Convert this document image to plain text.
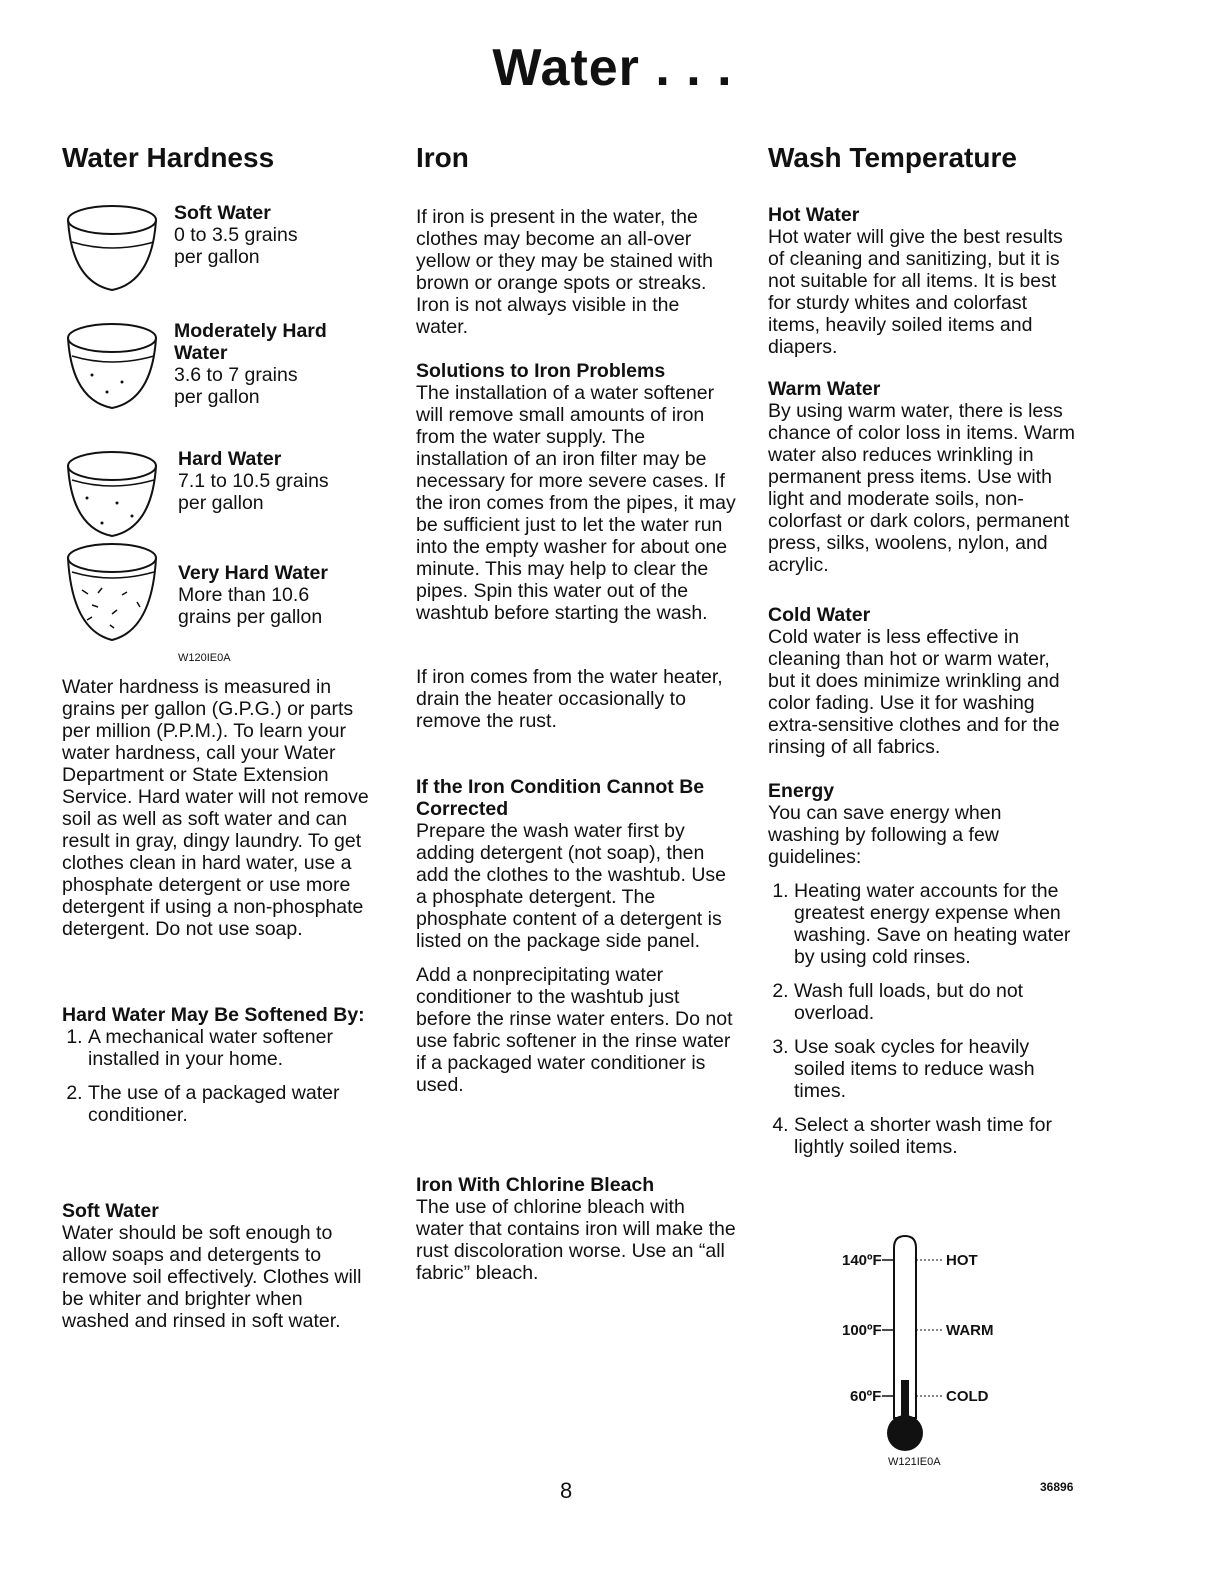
Water . . .
Water Hardness
Soft Water
0 to 3.5 grains
per gallon
Moderately Hard
Water
3.6 to 7 grains
per gallon
Hard Water
7.1 to 10.5 grains
per gallon
Very Hard Water
More than 10.6
grains per gallon
W120IE0A

Water hardness is measured in grains per gallon (G.P.G.) or parts per million (P.P.M.). To learn your water hardness, call your Water Department or State Extension Service. Hard water will not remove soil as well as soft water and can result in gray, dingy laundry. To get clothes clean in hard water, use a phosphate detergent or use more detergent if using a non-phosphate detergent. Do not use soap.

Hard Water May Be Softened By:
1. A mechanical water softener installed in your home.
2. The use of a packaged water conditioner.
Soft Water

Water should be soft enough to allow soaps and detergents to remove soil effectively. Clothes will be whiter and brighter when washed and rinsed in soft water.

Iron

If iron is present in the water, the clothes may become an all-over yellow or they may be stained with brown or orange spots or streaks. Iron is not always visible in the water.

Solutions to Iron Problems

The installation of a water softener will remove small amounts of iron from the water supply. The installation of an iron filter may be necessary for more severe cases. If the iron comes from the pipes, it may be sufficient just to let the water run into the empty washer for about one minute. This may help to clear the pipes. Spin this water out of the washtub before starting the wash.

If iron comes from the water heater, drain the heater occasionally to remove the rust.

If the Iron Condition Cannot Be Corrected

Prepare the wash water first by adding detergent (not soap), then add the clothes to the washtub. Use a phosphate detergent. The phosphate content of a detergent is listed on the package side panel.

Add a nonprecipitating water conditioner to the washtub just before the rinse water enters. Do not use fabric softener in the rinse water if a packaged water conditioner is used.

Iron With Chlorine Bleach

The use of chlorine bleach with water that contains iron will make the rust discoloration worse. Use an “all fabric” bleach.

Wash Temperature
Hot Water

Hot water will give the best results of cleaning and sanitizing, but it is not suitable for all items. It is best for sturdy whites and colorfast items, heavily soiled items and diapers.

Warm Water

By using warm water, there is less chance of color loss in items. Warm water also reduces wrinkling in permanent press items. Use with light and moderate soils, non-colorfast or dark colors, permanent press, silks, woolens, nylon, and acrylic.

Cold Water

Cold water is less effective in cleaning than hot or warm water, but it does minimize wrinkling and color fading. Use it for washing extra-sensitive clothes and for the rinsing of all fabrics.

Energy

You can save energy when washing by following a few guidelines:

1. Heating water accounts for the greatest energy expense when washing. Save on heating water by using cold rinses.
2. Wash full loads, but do not overload.
3. Use soak cycles for heavily soiled items to reduce wash times.
4. Select a shorter wash time for lightly soiled items.
140ºF	HOT
100ºF	WARM
60ºF	COLD
W121IE0A
8	36896
